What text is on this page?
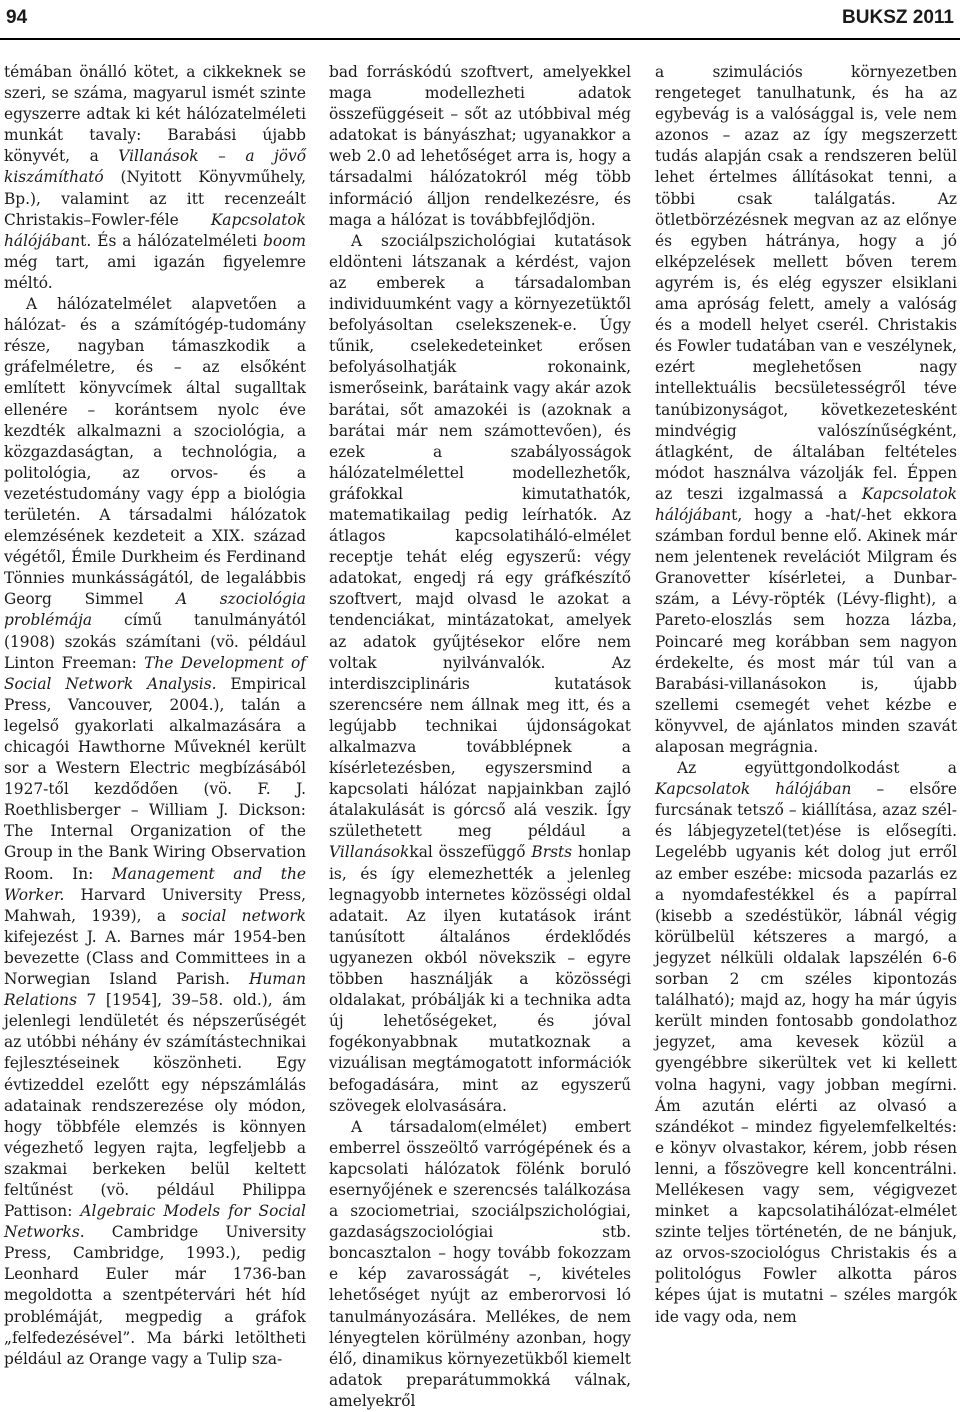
94	BUKSZ 2011

témában önálló kötet, a cikkeknek se szeri, se száma, magyarul ismét szinte egyszerre adtak ki két hálózatelméleti munkát tavaly: Barabási újabb könyvét, a Villanások – a jövő kiszámítható (Nyitott Könyvműhely, Bp.), valamint az itt recenzeált Christakis–Fowler-féle Kapcsolatok hálójábant. És a hálózatelméleti boom még tart, ami igazán figyelemre méltó.

A hálózatelmélet alapvetően a hálózat- és a számítógép-tudomány része, nagyban támaszkodik a gráfelméletre, és – az elsőként említett könyvcímek által sugalltak ellenére – korántsem nyolc éve kezdték alkalmazni a szociológia, a közgazdaságtan, a technológia, a politológia, az orvos- és a vezetéstudomány vagy épp a biológia területén. A társadalmi hálózatok elemzésének kezdeteit a XIX. század végétől, Émile Durkheim és Ferdinand Tönnies munkásságától, de legalábbis Georg Simmel A szociológia problémája című tanulmányától (1908) szokás számítani (vö. például Linton Freeman: The Development of Social Network Analysis. Empirical Press, Vancouver, 2004.), talán a legelső gyakorlati alkalmazására a chicagói Hawthorne Műveknél került sor a Western Electric megbízásából 1927-től kezdődően (vö. F. J. Roethlisberger – William J. Dickson: The Internal Organization of the Group in the Bank Wiring Observation Room. In: Management and the Worker. Harvard University Press, Mahwah, 1939), a social network kifejezést J. A. Barnes már 1954-ben bevezette (Class and Committees in a Norwegian Island Parish. Human Relations 7 [1954], 39–58. old.), ám jelenlegi lendületét és népszerűségét az utóbbi néhány év számítástechnikai fejlesztéseinek köszönheti. Egy évtizeddel ezelőtt egy népszámlálás adatainak rendszerezése oly módon, hogy többféle elemzés is könnyen végezhető legyen rajta, legfeljebb a szakmai berkeken belül keltett feltűnést (vö. például Philippa Pattison: Algebraic Models for Social Networks. Cambridge University Press, Cambridge, 1993.), pedig Leonhard Euler már 1736-ban megoldotta a szentpétervári hét híd problémáját, megpedig a gráfok „felfedezésével”. Ma bárki letöltheti például az Orange vagy a Tulip sza-

bad forráskódú szoftvert, amelyekkel maga modellezheti adatok összefüggéseit – sőt az utóbbival még adatokat is bányászhat; ugyanakkor a web 2.0 ad lehetőséget arra is, hogy a társadalmi hálózatokról még több információ álljon rendelkezésre, és maga a hálózat is továbbfejlődjön.

A szociálpszichológiai kutatások eldönteni látszanak a kérdést, vajon az emberek a társadalomban individuumként vagy a környezetüktől befolyásoltan cselekszenek-e. Úgy tűnik, cselekedeteinket erősen befolyásolhatják rokonaink, ismerőseink, barátaink vagy akár azok barátai, sőt amazokéi is (azoknak a barátai már nem számottevően), és ezek a szabályosságok hálózatelmélettel modellezhetők, gráfokkal kimutathatók, matematikailag pedig leírhatók. Az átlagos kapcsolatiháló-elmélet receptje tehát elég egyszerű: végy adatokat, engedj rá egy gráfkészítő szoftvert, majd olvasd le azokat a tendenciákat, mintázatokat, amelyek az adatok gyűjtésekor előre nem voltak nyilvánvalók. Az interdiszciplináris kutatások szerencsére nem állnak meg itt, és a legújabb technikai újdonságokat alkalmazva továbblépnek a kísérletezésben, egyszersmind a kapcsolati hálózat napjainkban zajló átalakulását is górcső alá veszik. Így születhetett meg például a Villanásokkal összefüggő Brsts honlap is, és így elemezhették a jelenleg legnagyobb internetes közösségi oldal adatait. Az ilyen kutatások iránt tanúsított általános érdeklődés ugyanezen okból növekszik – egyre többen használják a közösségi oldalakat, próbálják ki a technika adta új lehetőségeket, és jóval fogékonyabbnak mutatkoznak a vizuálisan megtámogatott információk befogadására, mint az egyszerű szövegek elolvasására.

A társadalom(elmélet) embert emberrel összeöltő varrógépének és a kapcsolati hálózatok fölénk boruló esernyőjének e szerencsés találkozása a szociometriai, szociálpszichológiai, gazdaságszociológiai stb. boncasztalon – hogy tovább fokozzam e kép zavarosságát –, kivételes lehetőséget nyújt az emberorvosi ló tanulmányozására. Mellékes, de nem lényegtelen körülmény azonban, hogy élő, dinamikus környezetükből kiemelt adatok preparátummokká válnak, amelyekről

a szimulációs környezetben rengeteget tanulhatunk, és ha az egybevág is a valósággal is, vele nem azonos – azaz az így megszerzett tudás alapján csak a rendszeren belül lehet értelmes állításokat tenni, a többi csak találgatás. Az ötletbörzézésnek megvan az az előnye és egyben hátránya, hogy a jó elképzelések mellett bőven terem agyrém is, és elég egyszer elsiklani ama apróság felett, amely a valóság és a modell helyet cserél. Christakis és Fowler tudatában van e veszélynek, ezért meglehetősen nagy intellektuális becsületességről téve tanúbizonyságot, következetesként mindvégig valószínűségként, átlagként, de általában feltételes módot használva vázolják fel. Éppen az teszi izgalmassá a Kapcsolatok hálójábant, hogy a -hat/-het ekkora számban fordul benne elő. Akinek már nem jelentenek revelációt Milgram és Granovetter kísérletei, a Dunbar-szám, a Lévy-röpték (Lévy-flight), a Pareto-eloszlás sem hozza lázba, Poincaré meg korábban sem nagyon érdekelte, és most már túl van a Barabási-villanásokon is, újabb szellemi csemegét vehet kézbe e könyvvel, de ajánlatos minden szavát alaposan megrágnia.

Az együttgondolkodást a Kapcsolatok hálójában – elsőre furcsának tetsző – kiállítása, azaz szél- és lábjegyzetel(tet)ése is elősegíti. Legelébb ugyanis két dolog jut erről az ember eszébe: micsoda pazarlás ez a nyomdafestékkel és a papírral (kisebb a szedéstükör, lábnál végig körülbelül kétszeres a margó, a jegyzet nélküli oldalak lapszélén 6-6 sorban 2 cm széles kipontozás található); majd az, hogy ha már úgyis került minden fontosabb gondolathoz jegyzet, ama kevesek közül a gyengébbre sikerültek vet ki kellett volna hagyni, vagy jobban megírni. Ám azután elérti az olvasó a szándékot – mindez figyelemfelkeltés: e könyv olvastakor, kérem, jobb résen lenni, a főszövegre kell koncentrálni. Mellékesen vagy sem, végigvezet minket a kapcsolatihálózat-elmélet szinte teljes történetén, de ne bánjuk, az orvos-szociológus Christakis és a politológus Fowler alkotta páros képes újat is mutatni – széles margók ide vagy oda, nem
